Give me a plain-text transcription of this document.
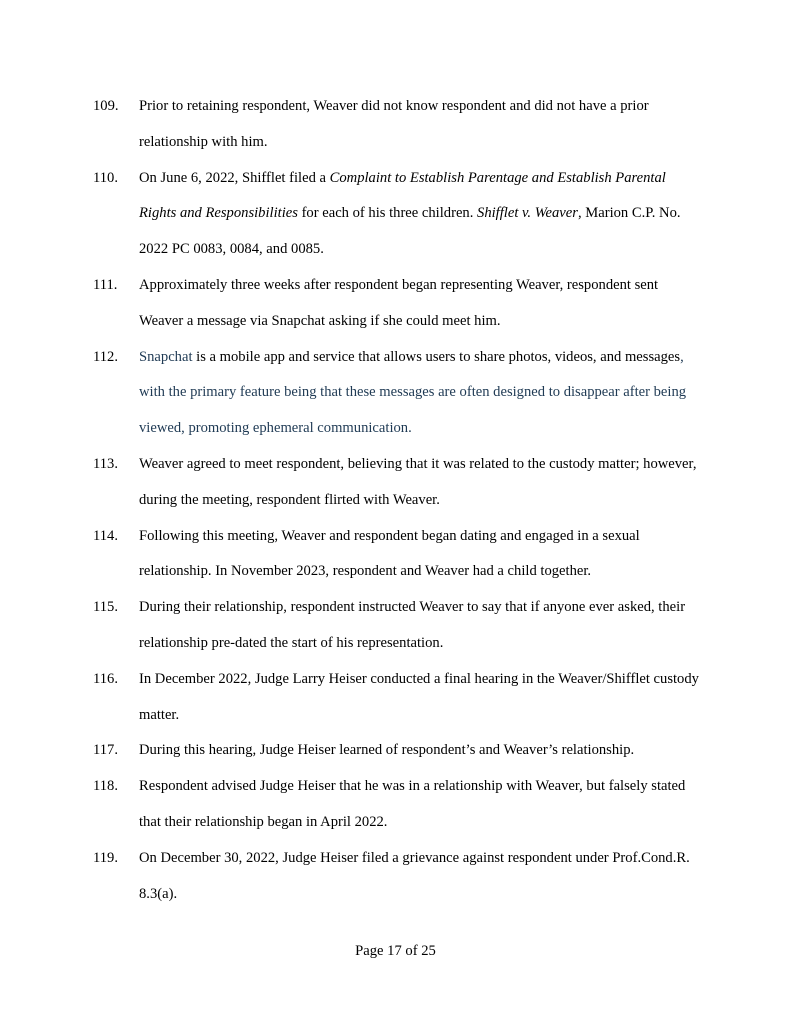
109.	Prior to retaining respondent, Weaver did not know respondent and did not have a prior relationship with him.
110.	On June 6, 2022, Shifflet filed a Complaint to Establish Parentage and Establish Parental Rights and Responsibilities for each of his three children. Shifflet v. Weaver, Marion C.P. No. 2022 PC 0083, 0084, and 0085.
111.	Approximately three weeks after respondent began representing Weaver, respondent sent Weaver a message via Snapchat asking if she could meet him.
112.	Snapchat is a mobile app and service that allows users to share photos, videos, and messages, with the primary feature being that these messages are often designed to disappear after being viewed, promoting ephemeral communication.
113.	Weaver agreed to meet respondent, believing that it was related to the custody matter; however, during the meeting, respondent flirted with Weaver.
114.	Following this meeting, Weaver and respondent began dating and engaged in a sexual relationship. In November 2023, respondent and Weaver had a child together.
115.	During their relationship, respondent instructed Weaver to say that if anyone ever asked, their relationship pre-dated the start of his representation.
116.	In December 2022, Judge Larry Heiser conducted a final hearing in the Weaver/Shifflet custody matter.
117.	During this hearing, Judge Heiser learned of respondent’s and Weaver’s relationship.
118.	Respondent advised Judge Heiser that he was in a relationship with Weaver, but falsely stated that their relationship began in April 2022.
119.	On December 30, 2022, Judge Heiser filed a grievance against respondent under Prof.Cond.R. 8.3(a).
Page 17 of 25
